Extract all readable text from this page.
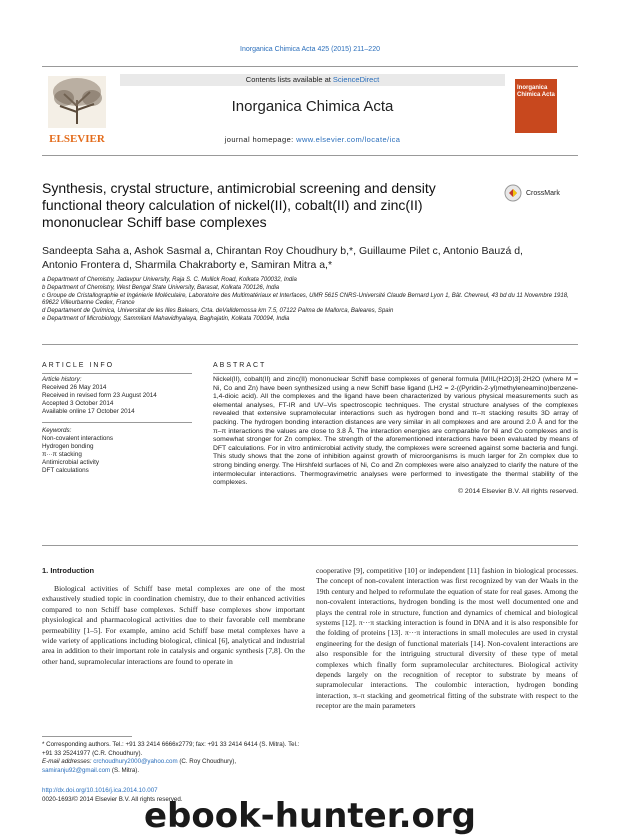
Inorganica Chimica Acta 425 (2015) 211–220
ELSEVIER
Contents lists available at ScienceDirect
Inorganica Chimica Acta
journal homepage: www.elsevier.com/locate/ica
Inorganica Chimica Acta
Synthesis, crystal structure, antimicrobial screening and density functional theory calculation of nickel(II), cobalt(II) and zinc(II) mononuclear Schiff base complexes
CrossMark
Sandeepta Saha a, Ashok Sasmal a, Chirantan Roy Choudhury b,*, Guillaume Pilet c, Antonio Bauzá d,
Antonio Frontera d, Sharmila Chakraborty e, Samiran Mitra a,*
a Department of Chemistry, Jadavpur University, Raja S. C. Mullick Road, Kolkata 700032, India
b Department of Chemistry, West Bengal State University, Barasat, Kolkata 700126, India
c Groupe de Cristallographie et Ingénierie Moléculaire, Laboratoire des Multimatériaux et Interfaces, UMR 5615 CNRS-Université Claude Bernard Lyon 1, Bât. Chevreul, 43 bd du 11 Novembre 1918, 69622 Villeurbanne Cedex, France
d Departament de Química, Universitat de les Illes Balears, Crta. deValldemossa km 7.5, 07122 Palma de Mallorca, Baleares, Spain
e Department of Microbiology, Sammilani Mahavidhyalaya, Baghajatin, Kolkata 700094, India
ARTICLE INFO
Article history:
Received 26 May 2014
Received in revised form 23 August 2014
Accepted 3 October 2014
Available online 17 October 2014
Keywords:
Non-covalent interactions
Hydrogen bonding
π···π stacking
Antimicrobial activity
DFT calculations
ABSTRACT
Nickel(II), cobalt(II) and zinc(II) mononuclear Schiff base complexes of general formula [MIIL(H2O)3]·2H2O (where M = Ni, Co and Zn) have been synthesized using a new Schiff base ligand (LH2 = 2-((Pyridin-2-yl)methyleneamino)benzene-1,4-dioic acid). All the complexes and the ligand have been characterized by various physical measurements such as elemental analyses, FT-IR and UV–Vis spectroscopic techniques. The crystal structure analyses of the complexes revealed that extensive supramolecular interactions such as hydrogen bond and π–π stacking results 3D array of packing. The hydrogen bonding interaction distances are very similar in all complexes and are around 2.0 Å and for the π–π interactions the values are close to 3.8 Å. The interaction energies are comparable for Ni and Co complexes and is somewhat stronger for Zn complex. The strength of the aforementioned interactions have been evaluated by means of DFT calculations. For in vitro antimicrobial activity study, the complexes were screened against some bacteria and fungi. This study shows that the zone of inhibition against growth of microorganisms is much larger for Zn complex due to strong binding energy. The Hirshfeld surfaces of Ni, Co and Zn complexes were also analyzed to clarify the nature of the intermolecular interactions. Thermogravimetric analyses were performed to investigate the thermal stability of the complexes.
© 2014 Elsevier B.V. All rights reserved.
1. Introduction
Biological activities of Schiff base metal complexes are one of the most exhaustively studied topic in coordination chemistry, due to their enhanced activities compared to non Schiff base complexes. Schiff base complexes show important physiological and pharmacological activities due to their favorable cell membrane permeability [1–5]. For example, amino acid Schiff base metal complexes have a wide variety of applications including biological, clinical [6], analytical and industrial area in addition to their important role in catalysis and organic synthesis [7,8]. On the other hand, supramolecular interactions are found to operate in
cooperative [9], competitive [10] or independent [11] fashion in biological processes. The concept of non-covalent interaction was first recognized by van der Waals in the 19th century and helped to reformulate the equation of state for real gases. Among the non-covalent interactions, hydrogen bonding is the most well documented one and plays the central role in structure, function and dynamics of chemical and biological systems [12]. π···π stacking interaction is found in DNA and it is also responsible for the folding of proteins [13]. π···π interactions in small molecules are used in crystal engineering for the design of functional materials [14]. Non-covalent interactions are also responsible for the intriguing structural diversity of these type of metal complexes which finally form supramolecular architectures. Biological activity depends largely on the recognition of receptor to substrate by means of supramolecular interactions. The coulombic interaction, hydrogen bonding interaction, π–π stacking and geometrical fitting of the substrate with respect to the receptor are the main parameters
* Corresponding authors. Tel.: +91 33 2414 6666x2779; fax: +91 33 2414 6414 (S. Mitra). Tel.: +91 33 25241977 (C.R. Choudhury).
E-mail addresses: crchoudhury2000@yahoo.com (C. Roy Choudhury), samiranju92@gmail.com (S. Mitra).
http://dx.doi.org/10.1016/j.ica.2014.10.007
0020-1693/© 2014 Elsevier B.V. All rights reserved.
ebook-hunter.org
